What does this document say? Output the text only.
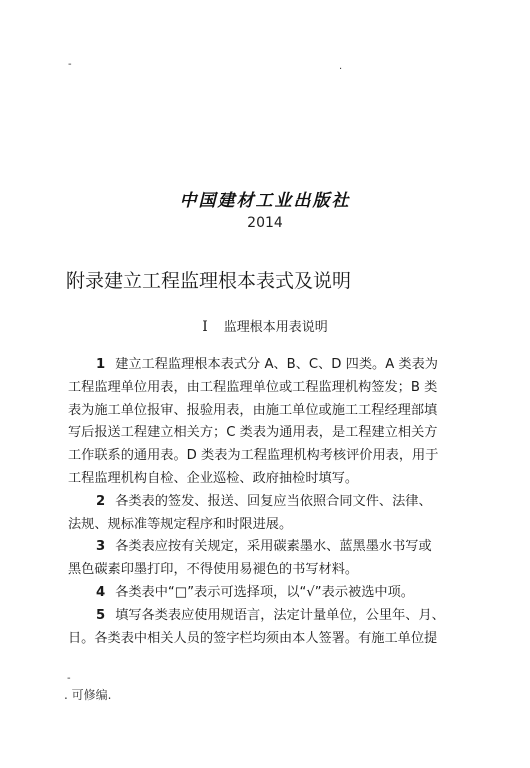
-	.
中国建材工业出版社
2014
附录建立工程监理根本表式及说明
Ⅰ 监理根本用表说明
1 建立工程监理根本表式分 A、B、C、D 四类。A 类表为
工程监理单位用表，由工程监理单位或工程监理机构签发；B 类
表为施工单位报审、报验用表，由施工单位或施工工程经理部填
写后报送工程建立相关方；C 类表为通用表，是工程建立相关方
工作联系的通用表。D 类表为工程监理机构考核评价用表，用于
工程监理机构自检、企业巡检、政府抽检时填写。
2 各类表的签发、报送、回复应当依照合同文件、法律、
法规、规标准等规定程序和时限进展。
3 各类表应按有关规定，采用碳素墨水、蓝黑墨水书写或
黑色碳素印墨打印，不得使用易褪色的书写材料。
4 各类表中“□”表示可选择项，以“√”表示被选中项。
5 填写各类表应使用规语言，法定计量单位，公里年、月、
日。各类表中相关人员的签字栏均须由本人签署。有施工单位提
-
. 可修编.
